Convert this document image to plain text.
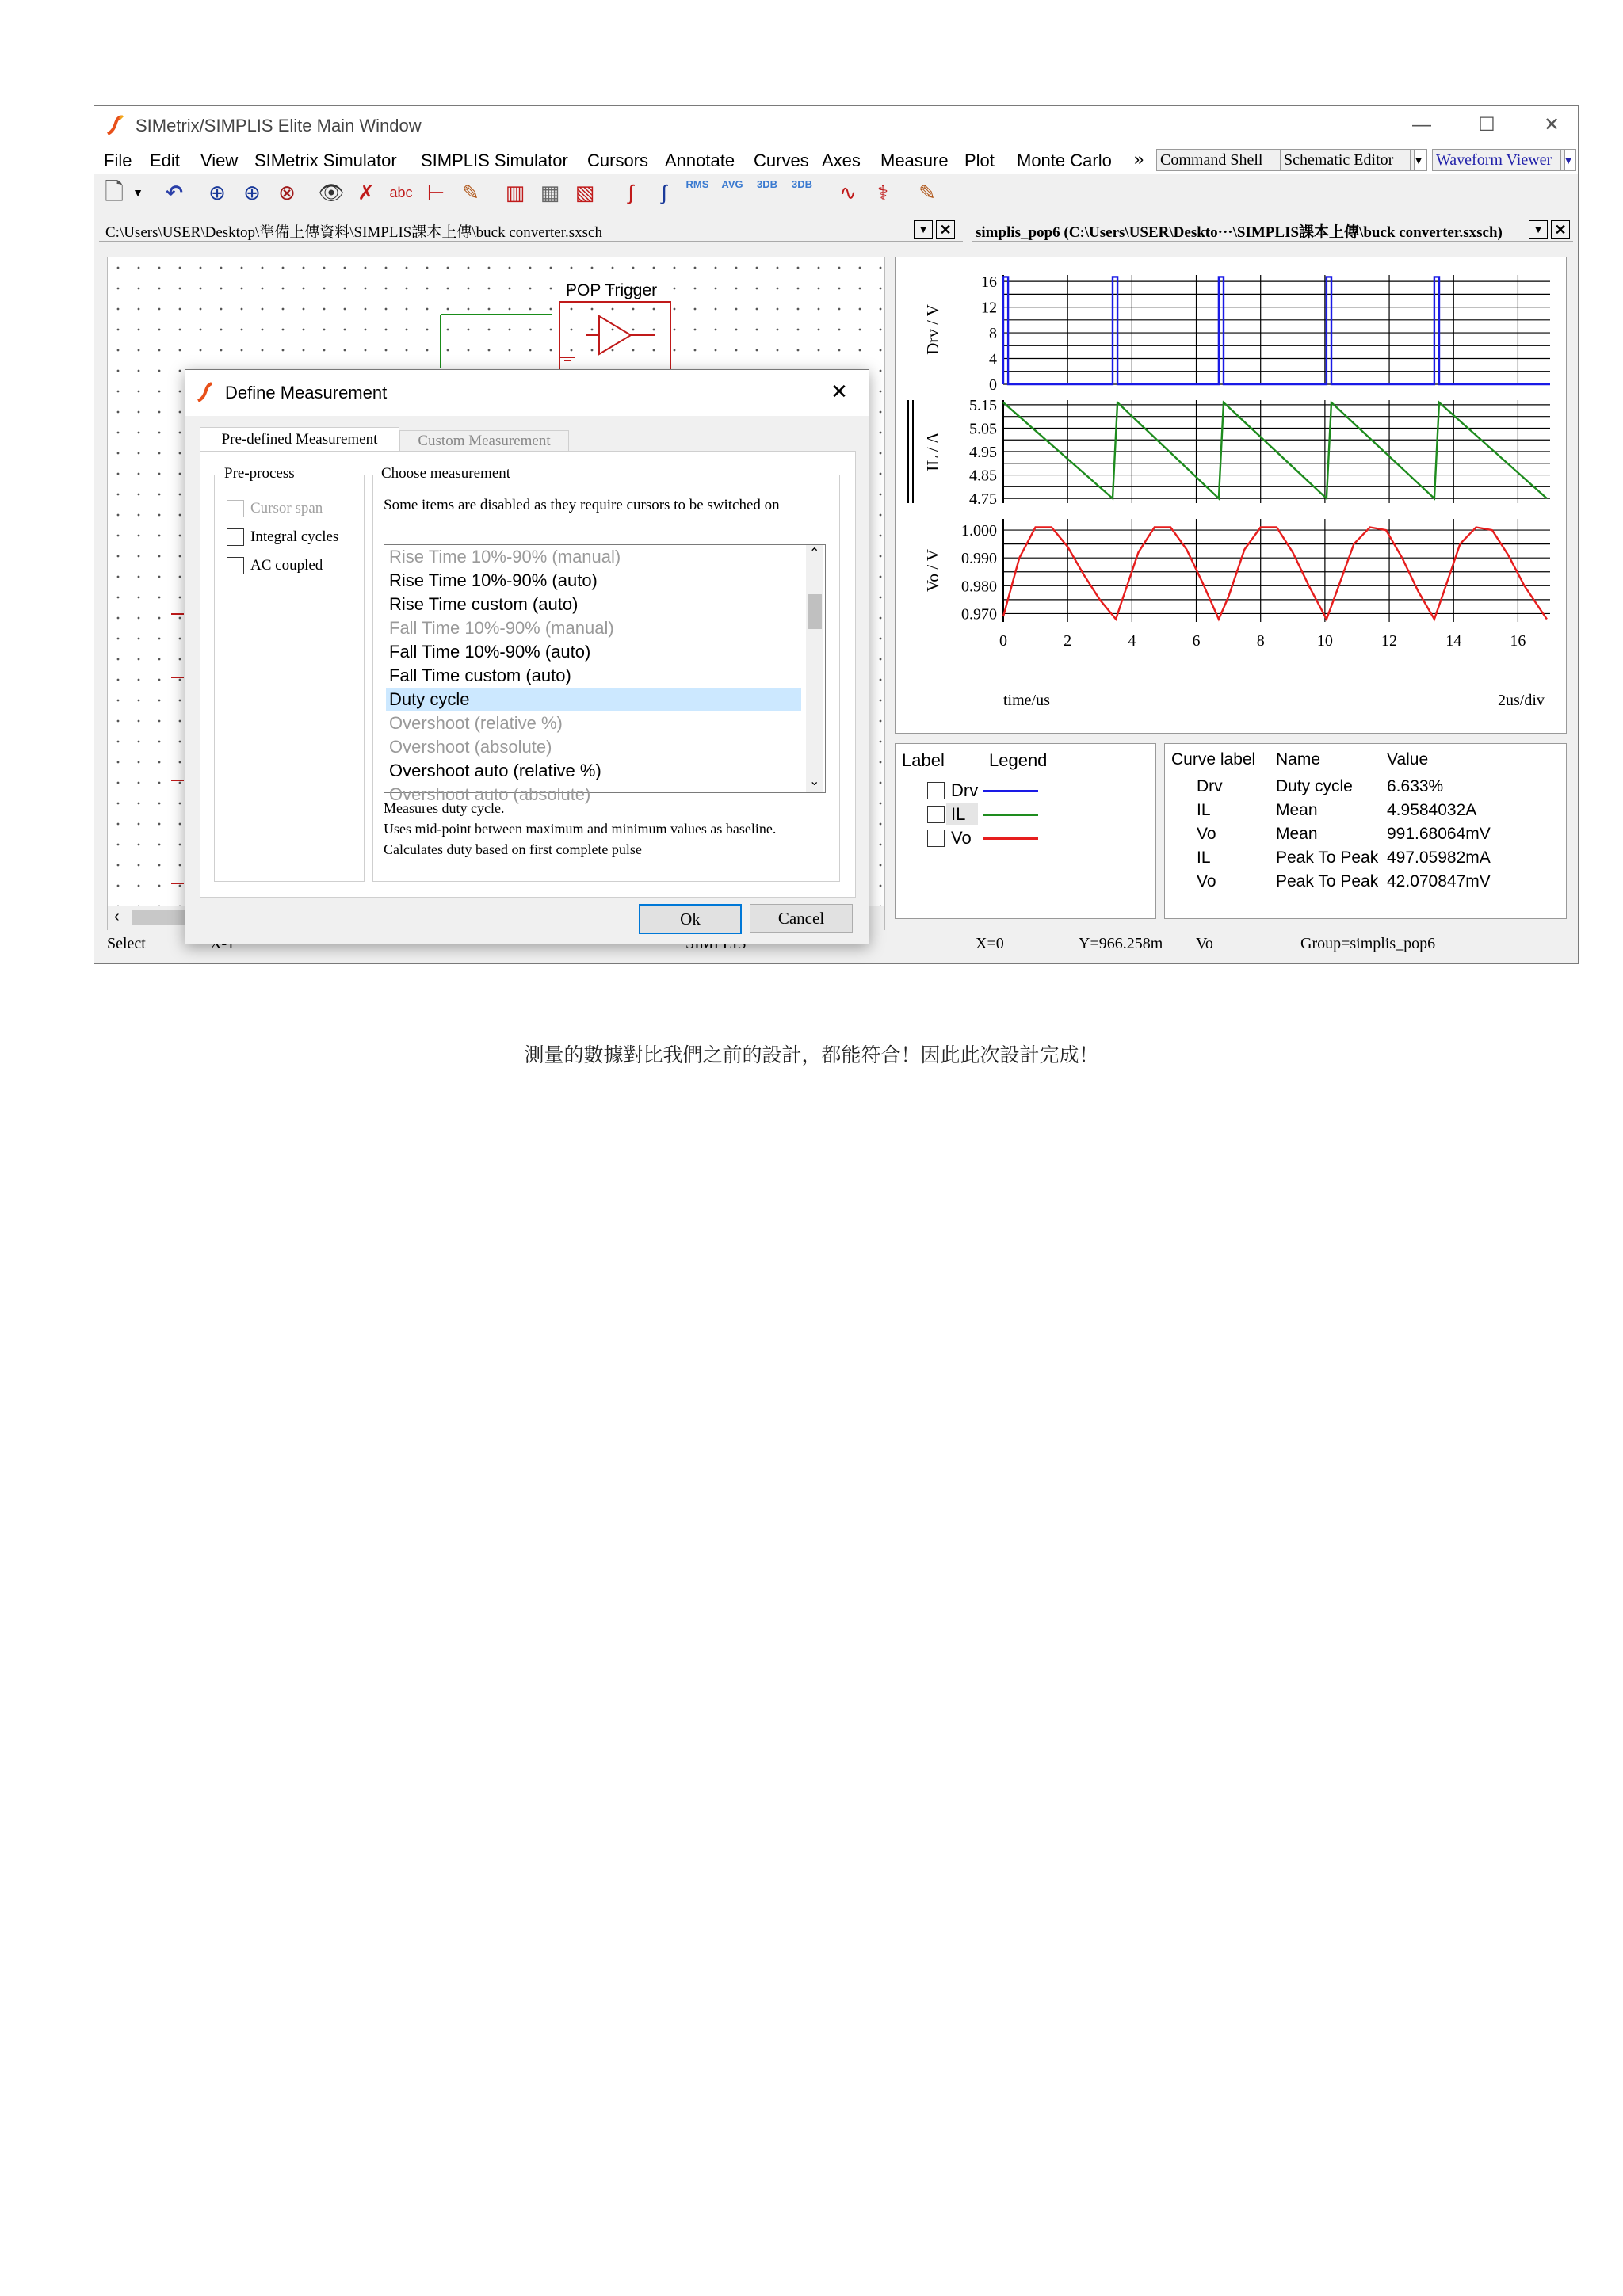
SIMetrix/SIMPLIS Elite Main Window	—	☐	✕
File Edit View SIMetrix Simulator SIMPLIS Simulator Cursors Annotate Curves Axes Measure Plot Monte Carlo » Command Shell	Schematic Editor	▼ Waveform Viewer ▼
🗋 ▼	↶ ⊕ ⊕ ⊗ 👁 ✗	abc ⊢ ✎ ▥ ▦ ▧	∫	∫	RMS AVG	3DB	3DB ∿	⚕	✎
C:\Users\USER\Desktop\準備上傳資料\SIMPLIS課本上傳\buck converter.sxsch	▼ ✕
POP Trigger
‹
Select
simplis_pop6 (C:\Users\USER\Deskto···\SIMPLIS課本上傳\buck converter.sxsch)	▼ ✕
16
12
8
4
0
Drv / V
5.15
5.05
4.95
4.85
4.75
IL / A
1.000
0.990
0.980
0.970
Vo / V
0	2	4	6	8	10	12	14	16
time/us	2us/div
Label	Legend
Drv
IL
Vo
Curve label Name	Value
Drv	Duty cycle 6.633%
IL	Mean	4.9584032A
Vo	Mean	991.68064mV
IL	Peak To Peak 497.05982mA
Vo	Peak To Peak 42.070847mV
X=0	Y=966.258m Vo	Group=simplis_pop6
Define Measurement	✕
Pre-defined Measurement	Custom Measurement
Pre-process
Cursor span
Integral cycles
AC coupled
Choose measurement
Some items are disabled as they require cursors to be switched on
Rise Time 10%-90% (manual)
Rise Time 10%-90% (auto)
Rise Time custom (auto)
Fall Time 10%-90% (manual)
Fall Time 10%-90% (auto)
Fall Time custom (auto)
Duty cycle
Overshoot (relative %)
Overshoot (absolute)
Overshoot auto (relative %)
Overshoot auto (absolute)
⌃
⌄
Measures duty cycle.
Uses mid-point between maximum and minimum values as baseline.
Calculates duty based on first complete pulse
Ok	Cancel
測量的數據對比我們之前的設計，都能符合！因此此次設計完成！
